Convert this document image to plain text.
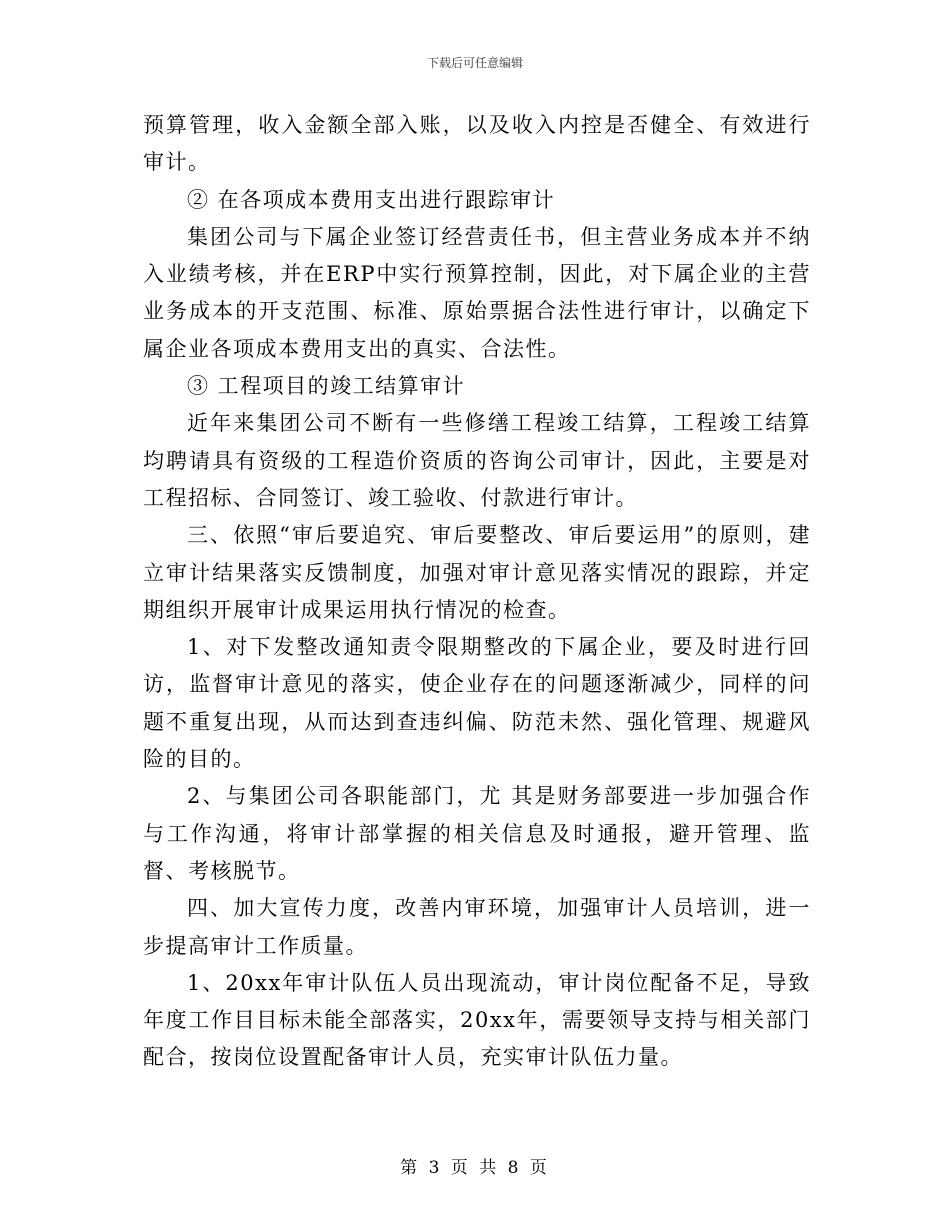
下载后可任意编辑

预算管理，收入金额全部入账，以及收入内控是否健全、有效进行审计。

② 在各项成本费用支出进行跟踪审计

集团公司与下属企业签订经营责任书，但主营业务成本并不纳入业绩考核，并在ERP中实行预算控制，因此，对下属企业的主营业务成本的开支范围、标准、原始票据合法性进行审计，以确定下属企业各项成本费用支出的真实、合法性。

③ 工程项目的竣工结算审计

近年来集团公司不断有一些修缮工程竣工结算，工程竣工结算均聘请具有资级的工程造价资质的咨询公司审计，因此，主要是对工程招标、合同签订、竣工验收、付款进行审计。

三、依照“审后要追究、审后要整改、审后要运用”的原则，建立审计结果落实反馈制度，加强对审计意见落实情况的跟踪，并定期组织开展审计成果运用执行情况的检查。

1、对下发整改通知责令限期整改的下属企业，要及时进行回访，监督审计意见的落实，使企业存在的问题逐渐减少，同样的问题不重复出现，从而达到查违纠偏、防范未然、强化管理、规避风险的目的。

2、与集团公司各职能部门，尤 其是财务部要进一步加强合作与工作沟通，将审计部掌握的相关信息及时通报，避开管理、监督、考核脱节。

四、加大宣传力度，改善内审环境，加强审计人员培训，进一步提高审计工作质量。

1、20xx年审计队伍人员出现流动，审计岗位配备不足，导致年度工作目目标未能全部落实，20xx年，需要领导支持与相关部门配合，按岗位设置配备审计人员，充实审计队伍力量。

第 3 页 共 8 页
